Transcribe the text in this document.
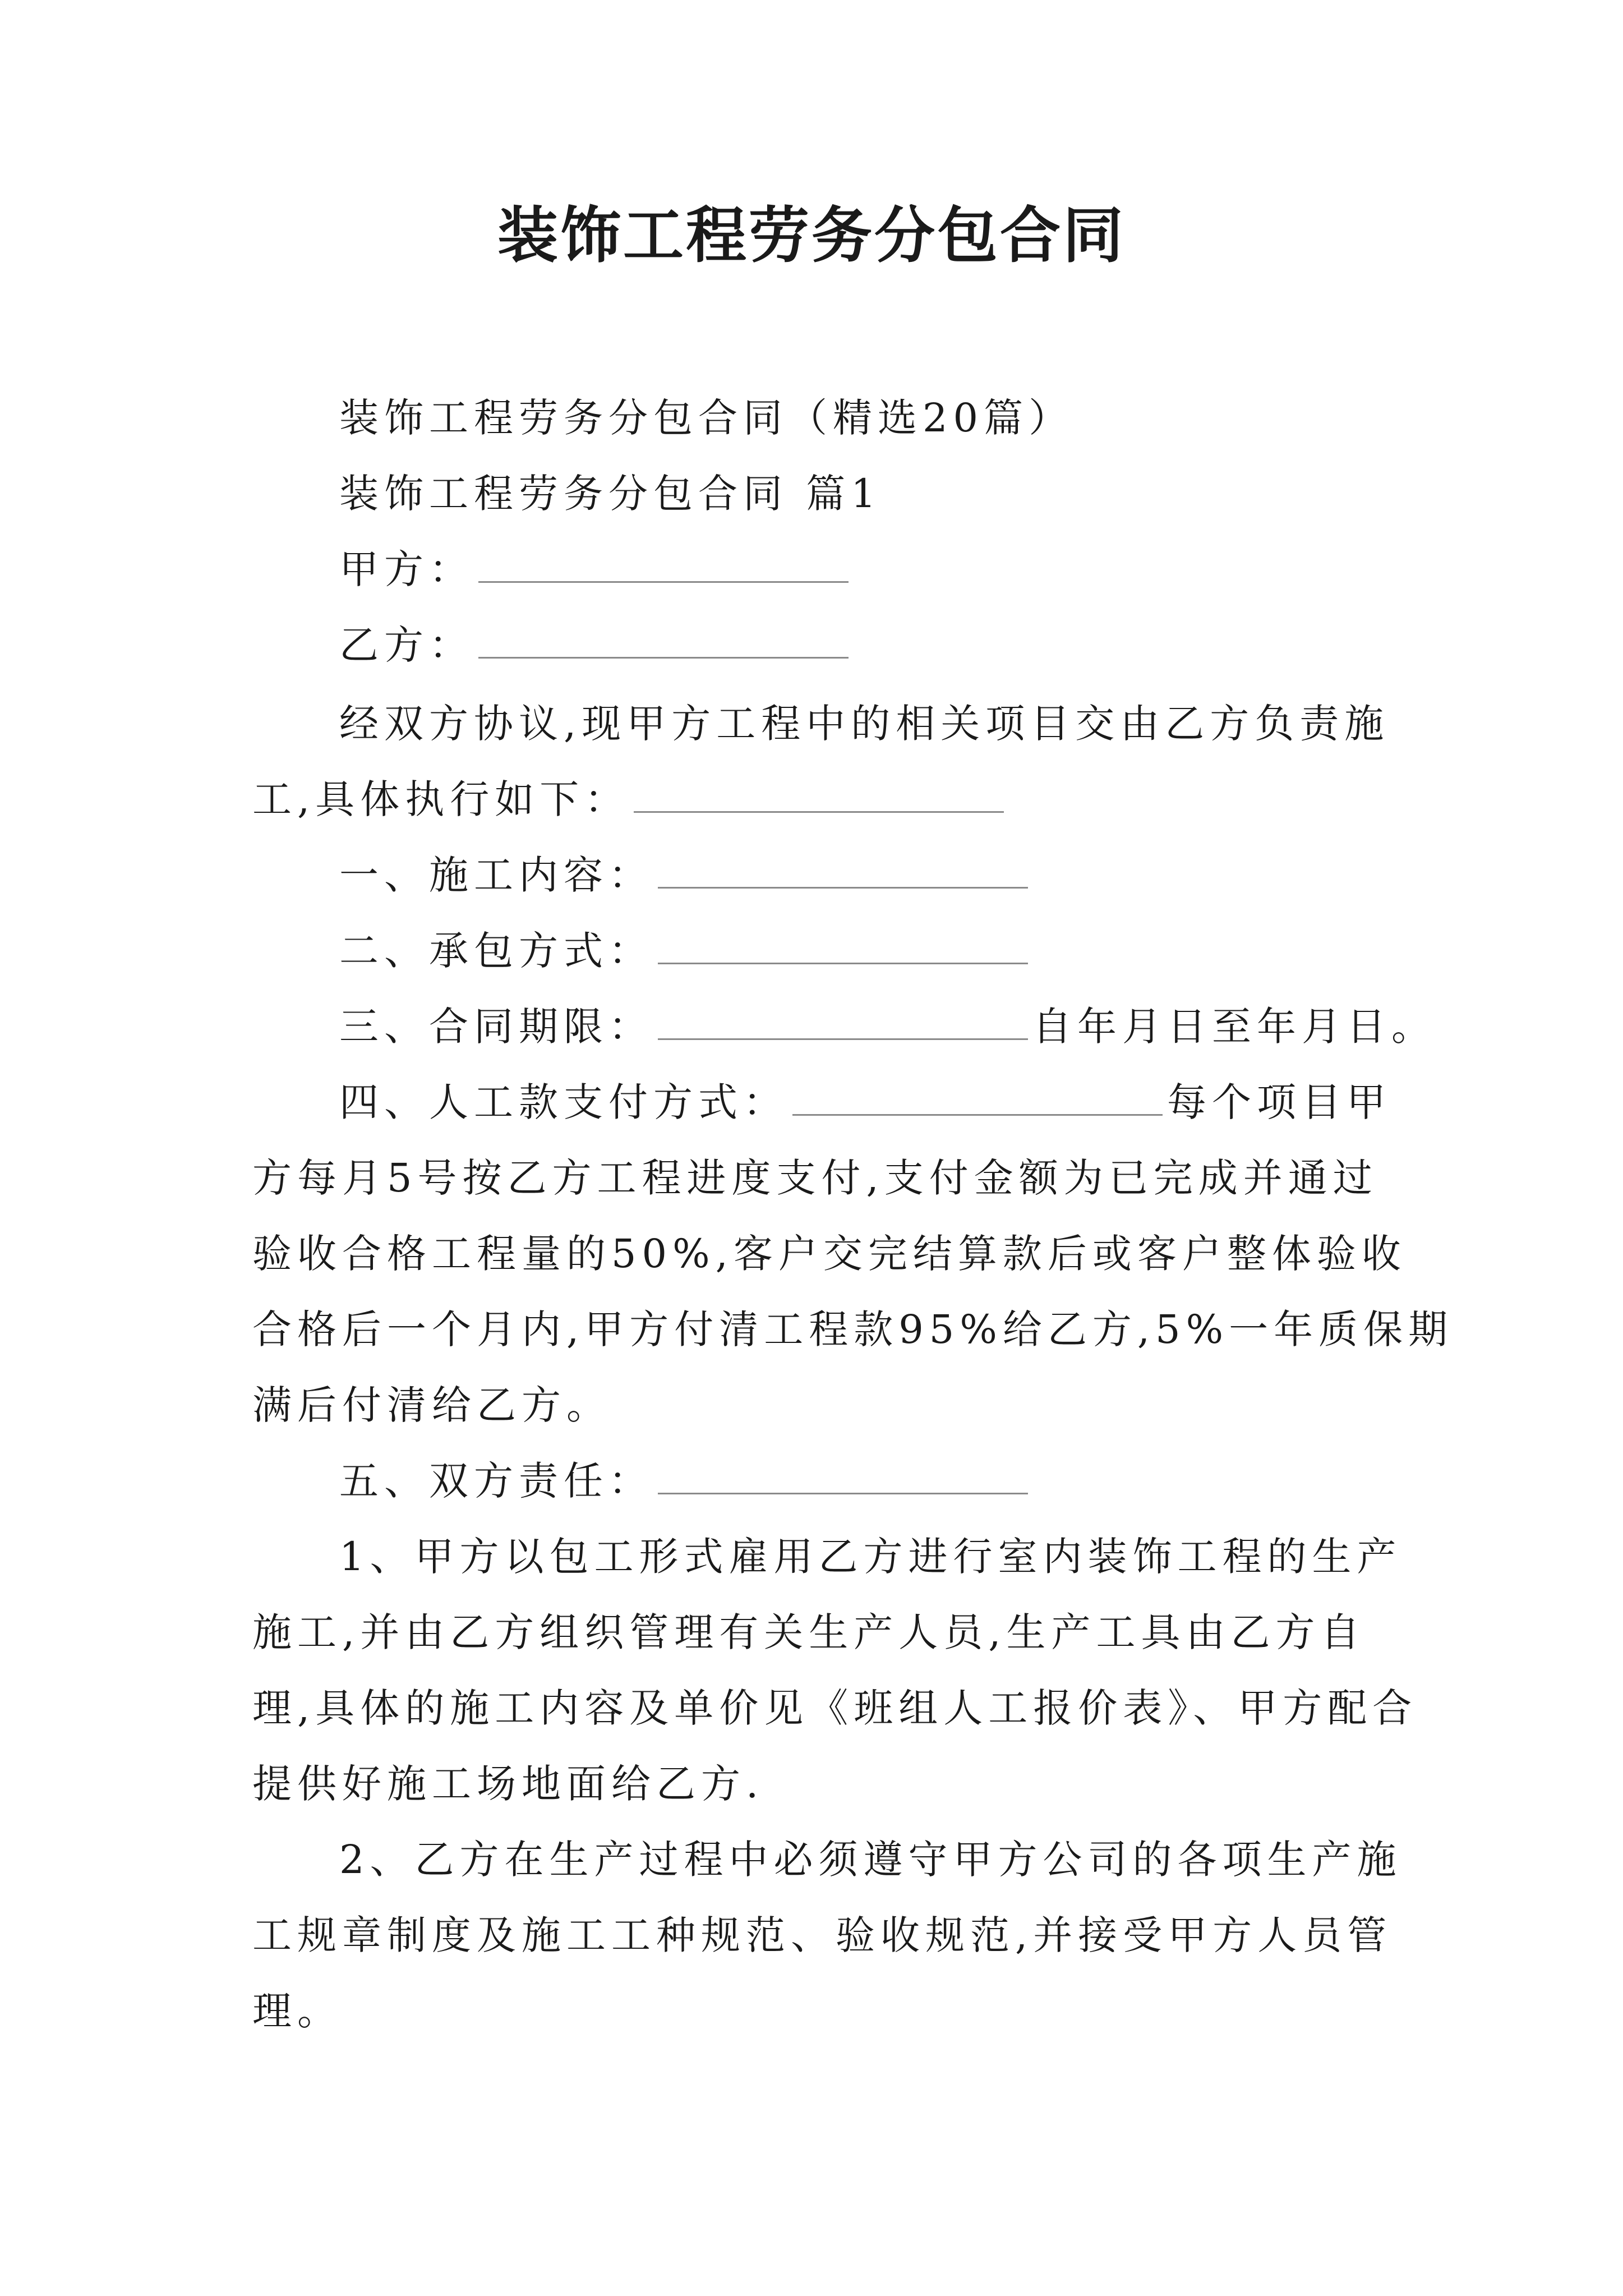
装饰工程劳务分包合同
装饰工程劳务分包合同（精选20篇）
装饰工程劳务分包合同 篇1
甲方：
乙方：
经双方协议,现甲方工程中的相关项目交由乙方负责施
工,具体执行如下：
一、施工内容：
二、承包方式：
三、合同期限：	自年月日至年月日。
四、人工款支付方式：	每个项目甲
方每月5号按乙方工程进度支付,支付金额为已完成并通过
验收合格工程量的50%,客户交完结算款后或客户整体验收
合格后一个月内,甲方付清工程款95%给乙方,5%一年质保期
满后付清给乙方。
五、双方责任：
1、甲方以包工形式雇用乙方进行室内装饰工程的生产
施工,并由乙方组织管理有关生产人员,生产工具由乙方自
理,具体的施工内容及单价见《班组人工报价表》、甲方配合
提供好施工场地面给乙方.
2、乙方在生产过程中必须遵守甲方公司的各项生产施
工规章制度及施工工种规范、验收规范,并接受甲方人员管
理。
